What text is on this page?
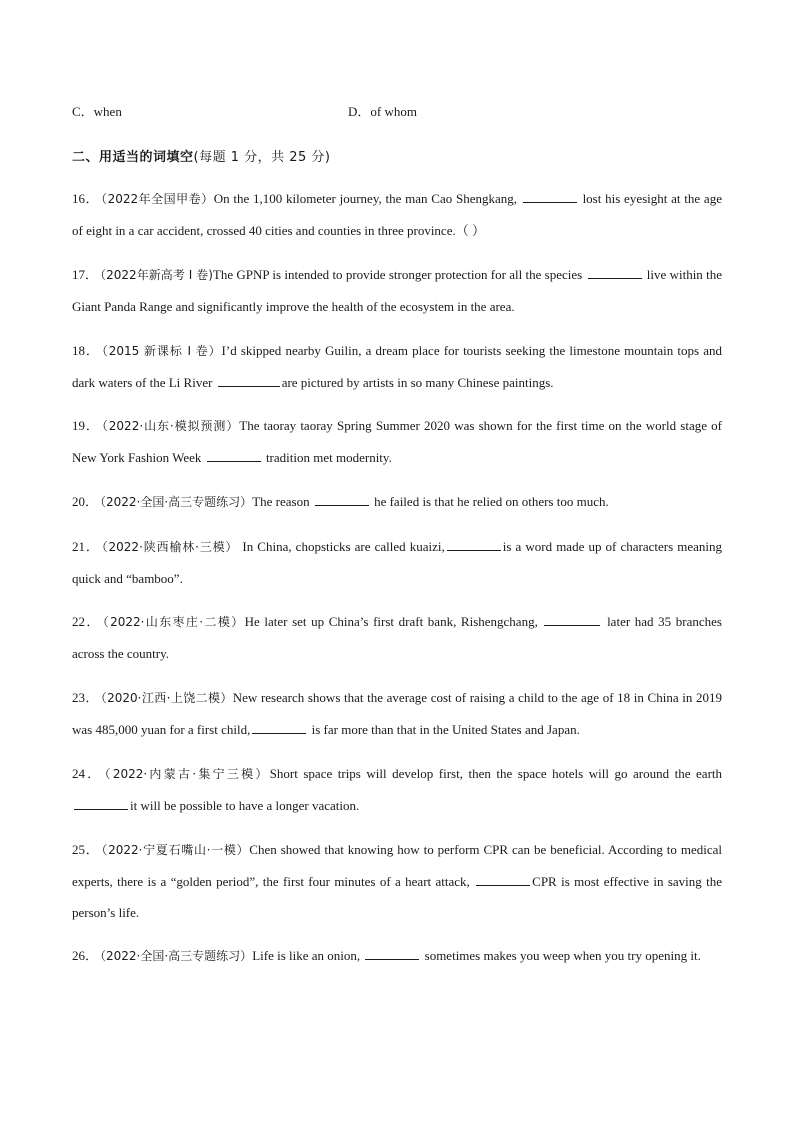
C．when	D．of whom
二、用适当的词填空(每题 1 分，共 25 分)
16． （2022年全国甲卷）On the 1,100 kilometer journey, the man Cao Shengkang,	lost his eyesight at the age of eight in a car accident, crossed 40 cities and counties in three province.（ ）
17． （2022年新高考 I 卷)The GPNP is intended to provide stronger protection for all the species	live within the Giant Panda Range and significantly improve the health of the ecosystem in the area.
18． （2015 新课标 I 卷）I’d skipped nearby Guilin, a dream place for tourists seeking the limestone mountain tops and dark waters of the Li River	are pictured by artists in so many Chinese paintings.
19． （2022·山东·模拟预测）The taoray taoray Spring Summer 2020 was shown for the first time on the world stage of New York Fashion Week	tradition met modernity.
20． （2022·全国·高三专题练习）The reason	he failed is that he relied on others too much.
21． （2022·陕西榆林·三模） In China, chopsticks are called kuaizi,	is a word made up of characters meaning quick and “bamboo”.
22． （2022·山东枣庄·二模）He later set up China’s first draft bank, Rishengchang,	later had 35 branches across the country.
23． （2020·江西·上饶二模）New research shows that the average cost of raising a child to the age of 18 in China in 2019 was 485,000 yuan for a first child,	is far more than that in the United States and Japan.
24． （2022·内蒙古·集宁三模）Short space trips will develop first, then the space hotels will go around the earth it will be possible to have a longer vacation.
25． （2022·宁夏石嘴山·一模）Chen showed that knowing how to perform CPR can be beneficial. According to medical experts, there is a “golden period”, the first four minutes of a heart attack,	CPR is most effective in saving the person’s life.
26． （2022·全国·高三专题练习）Life is like an onion,	sometimes makes you weep when you try opening it.
